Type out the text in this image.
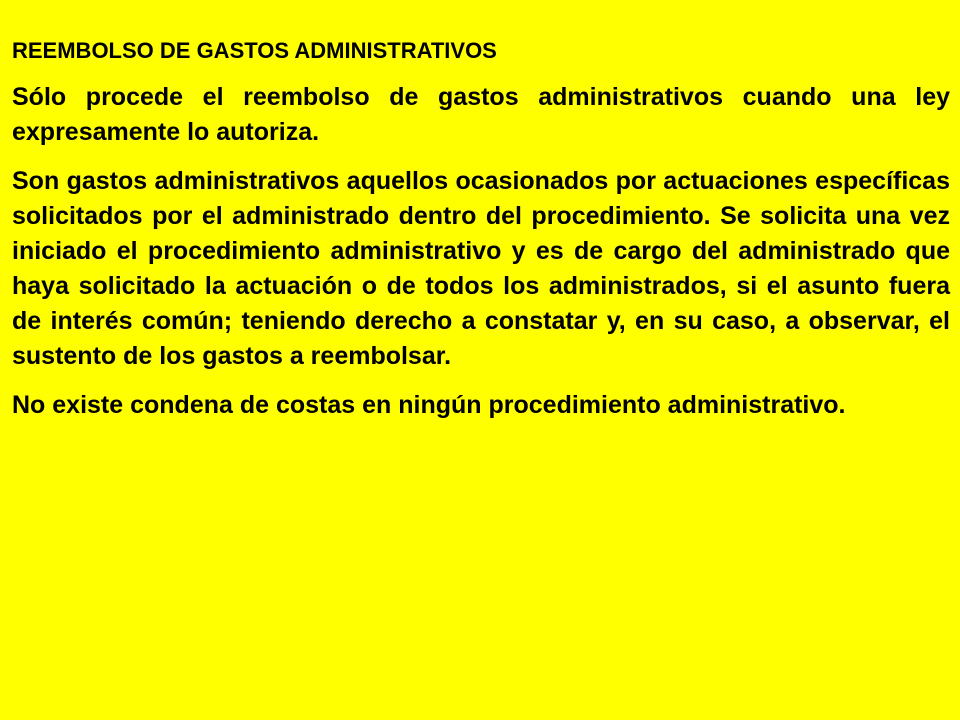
REEMBOLSO DE GASTOS ADMINISTRATIVOS

Sólo procede el reembolso de gastos administrativos cuando una ley expresamente lo autoriza.

Son gastos administrativos aquellos ocasionados por actuaciones específicas solicitados por el administrado dentro del procedimiento. Se solicita una vez iniciado el procedimiento administrativo y es de cargo del administrado que haya solicitado la actuación o de todos los administrados, si el asunto fuera de interés común; teniendo derecho a constatar y, en su caso, a observar, el sustento de los gastos a reembolsar.

No existe condena de costas en ningún procedimiento administrativo.
